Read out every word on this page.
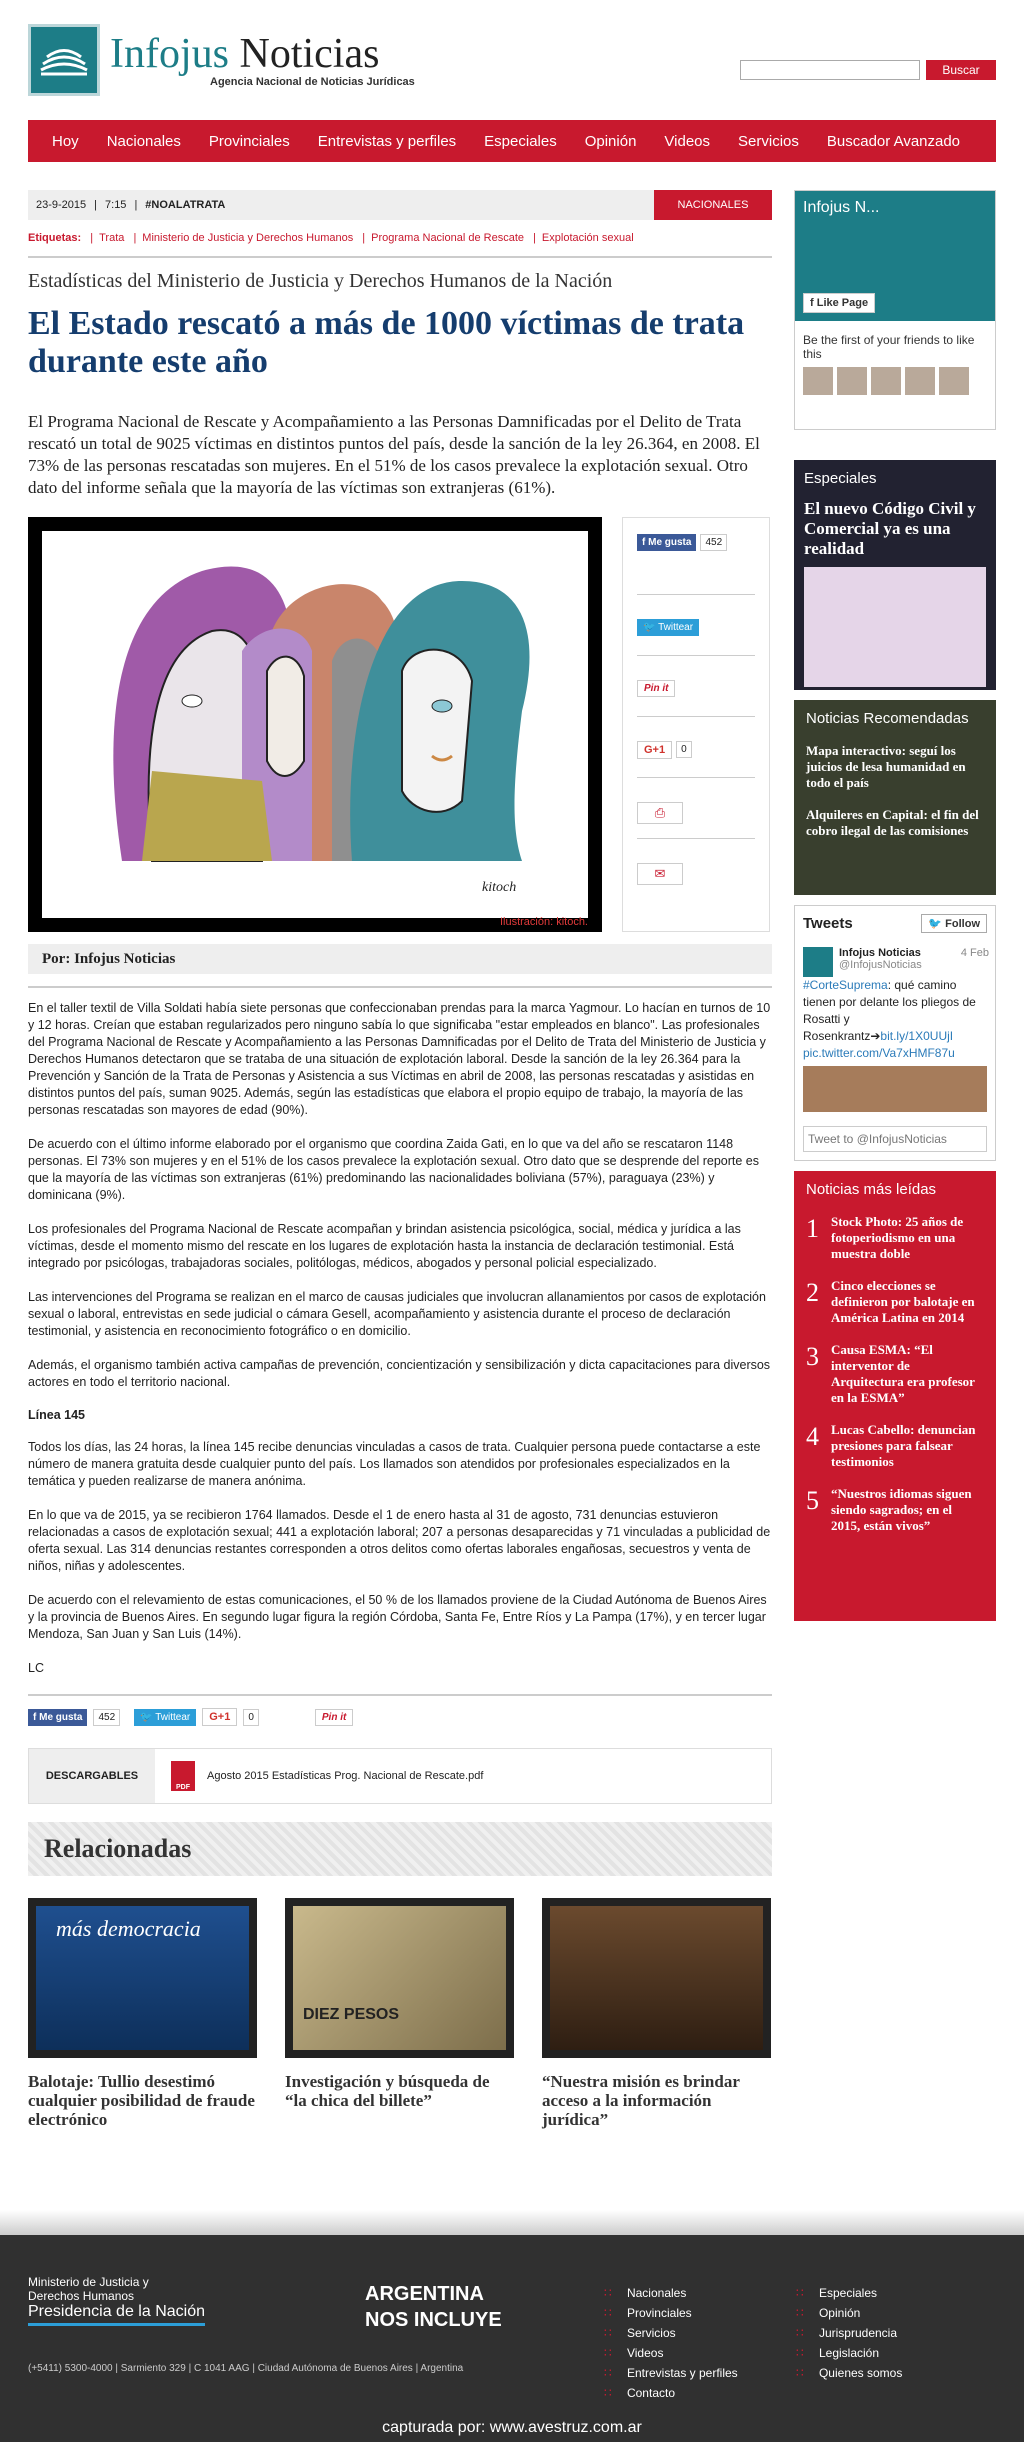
Infojus Noticias
Agencia Nacional de Noticias Jurídicas
Buscar
Hoy	Nacionales	Provinciales	Entrevistas y perfiles	Especiales	Opinión	Videos	Servicios	Buscador Avanzado
23-9-2015 | 7:15 | #NOALATRATA	NACIONALES
Etiquetas: | Trata | Ministerio de Justicia y Derechos Humanos | Programa Nacional de Rescate | Explotación sexual
Estadísticas del Ministerio de Justicia y Derechos Humanos de la Nación
El Estado rescató a más de 1000 víctimas de trata durante este año

El Programa Nacional de Rescate y Acompañamiento a las Personas Damnificadas por el Delito de Trata rescató un total de 9025 víctimas en distintos puntos del país, desde la sanción de la ley 26.364, en 2008. El 73% de las personas rescatadas son mujeres. En el 51% de los casos prevalece la explotación sexual. Otro dato del informe señala que la mayoría de las víctimas son extranjeras (61%).

kitoch
Ilustración: kitoch.
f Me gusta	452
🐦 Twittear
Pin it
G+1	0
⎙
✉
Por: Infojus Noticias

En el taller textil de Villa Soldati había siete personas que confeccionaban prendas para la marca Yagmour. Lo hacían en turnos de 10 y 12 horas. Creían que estaban regularizados pero ninguno sabía lo que significaba "estar empleados en blanco". Las profesionales del Programa Nacional de Rescate y Acompañamiento a las Personas Damnificadas por el Delito de Trata del Ministerio de Justicia y Derechos Humanos detectaron que se trataba de una situación de explotación laboral. Desde la sanción de la ley 26.364 para la Prevención y Sanción de la Trata de Personas y Asistencia a sus Víctimas en abril de 2008, las personas rescatadas y asistidas en distintos puntos del país, suman 9025. Además, según las estadísticas que elabora el propio equipo de trabajo, la mayoría de las personas rescatadas son mayores de edad (90%).

De acuerdo con el último informe elaborado por el organismo que coordina Zaida Gati, en lo que va del año se rescataron 1148 personas. El 73% son mujeres y en el 51% de los casos prevalece la explotación sexual. Otro dato que se desprende del reporte es que la mayoría de las víctimas son extranjeras (61%) predominando las nacionalidades boliviana (57%), paraguaya (23%) y dominicana (9%).

Los profesionales del Programa Nacional de Rescate acompañan y brindan asistencia psicológica, social, médica y jurídica a las víctimas, desde el momento mismo del rescate en los lugares de explotación hasta la instancia de declaración testimonial. Está integrado por psicólogas, trabajadoras sociales, politólogas, médicos, abogados y personal policial especializado.

Las intervenciones del Programa se realizan en el marco de causas judiciales que involucran allanamientos por casos de explotación sexual o laboral, entrevistas en sede judicial o cámara Gesell, acompañamiento y asistencia durante el proceso de declaración testimonial, y asistencia en reconocimiento fotográfico o en domicilio.

Además, el organismo también activa campañas de prevención, concientización y sensibilización y dicta capacitaciones para diversos actores en todo el territorio nacional.

Línea 145

Todos los días, las 24 horas, la línea 145 recibe denuncias vinculadas a casos de trata. Cualquier persona puede contactarse a este número de manera gratuita desde cualquier punto del país. Los llamados son atendidos por profesionales especializados en la temática y pueden realizarse de manera anónima.

En lo que va de 2015, ya se recibieron 1764 llamados. Desde el 1 de enero hasta al 31 de agosto, 731 denuncias estuvieron relacionadas a casos de explotación sexual; 441 a explotación laboral; 207 a personas desaparecidas y 71 vinculadas a publicidad de oferta sexual. Las 314 denuncias restantes corresponden a otros delitos como ofertas laborales engañosas, secuestros y venta de niños, niñas y adolescentes.

De acuerdo con el relevamiento de estas comunicaciones, el 50 % de los llamados proviene de la Ciudad Autónoma de Buenos Aires y la provincia de Buenos Aires. En segundo lugar figura la región Córdoba, Santa Fe, Entre Ríos y La Pampa (17%), y en tercer lugar Mendoza, San Juan y San Luis (14%).

LC

f Me gusta	452	🐦 Twittear	G+1	0	Pin it
DESCARGABLES
PDF
Agosto 2015 Estadísticas Prog. Nacional de Rescate.pdf
Relacionadas
más democracia
Balotaje: Tullio desestimó cualquier posibilidad de fraude electrónico
DIEZ PESOS
Investigación y búsqueda de “la chica del billete”
“Nuestra misión es brindar acceso a la información jurídica”
Infojus N...
f Like Page
Be the first of your friends to like this
Especiales
El nuevo Código Civil y Comercial ya es una realidad
Noticias Recomendadas
Mapa interactivo: seguí los juicios de lesa humanidad en todo el país
Alquileres en Capital: el fin del cobro ilegal de las comisiones
Tweets	🐦 Follow
Infojus Noticias	4 Feb
@InfojusNoticias
#CorteSuprema: qué camino tienen por delante los pliegos de Rosatti y Rosenkrantz➔bit.ly/1X0UUjI
pic.twitter.com/Va7xHMF87u
Tweet to @InfojusNoticias
Noticias más leídas
1 Stock Photo: 25 años de fotoperiodismo en una muestra doble
2 Cinco elecciones se definieron por balotaje en América Latina en 2014
3 Causa ESMA: “El interventor de Arquitectura era profesor en la ESMA”
4 Lucas Cabello: denuncian presiones para falsear testimonios
5 “Nuestros idiomas siguen siendo sagrados; en el 2015, están vivos”
Ministerio de Justicia y Derechos Humanos
Presidencia de la Nación
ARGENTINA
NOS INCLUYE
(+5411) 5300-4000 | Sarmiento 329 | C 1041 AAG | Ciudad Autónoma de Buenos Aires | Argentina
∷ Nacionales
∷ Provinciales
∷ Servicios
∷ Videos
∷ Entrevistas y perfiles
∷ Contacto
∷ Especiales
∷ Opinión
∷ Jurisprudencia
∷ Legislación
∷ Quienes somos
capturada por: www.avestruz.com.ar
